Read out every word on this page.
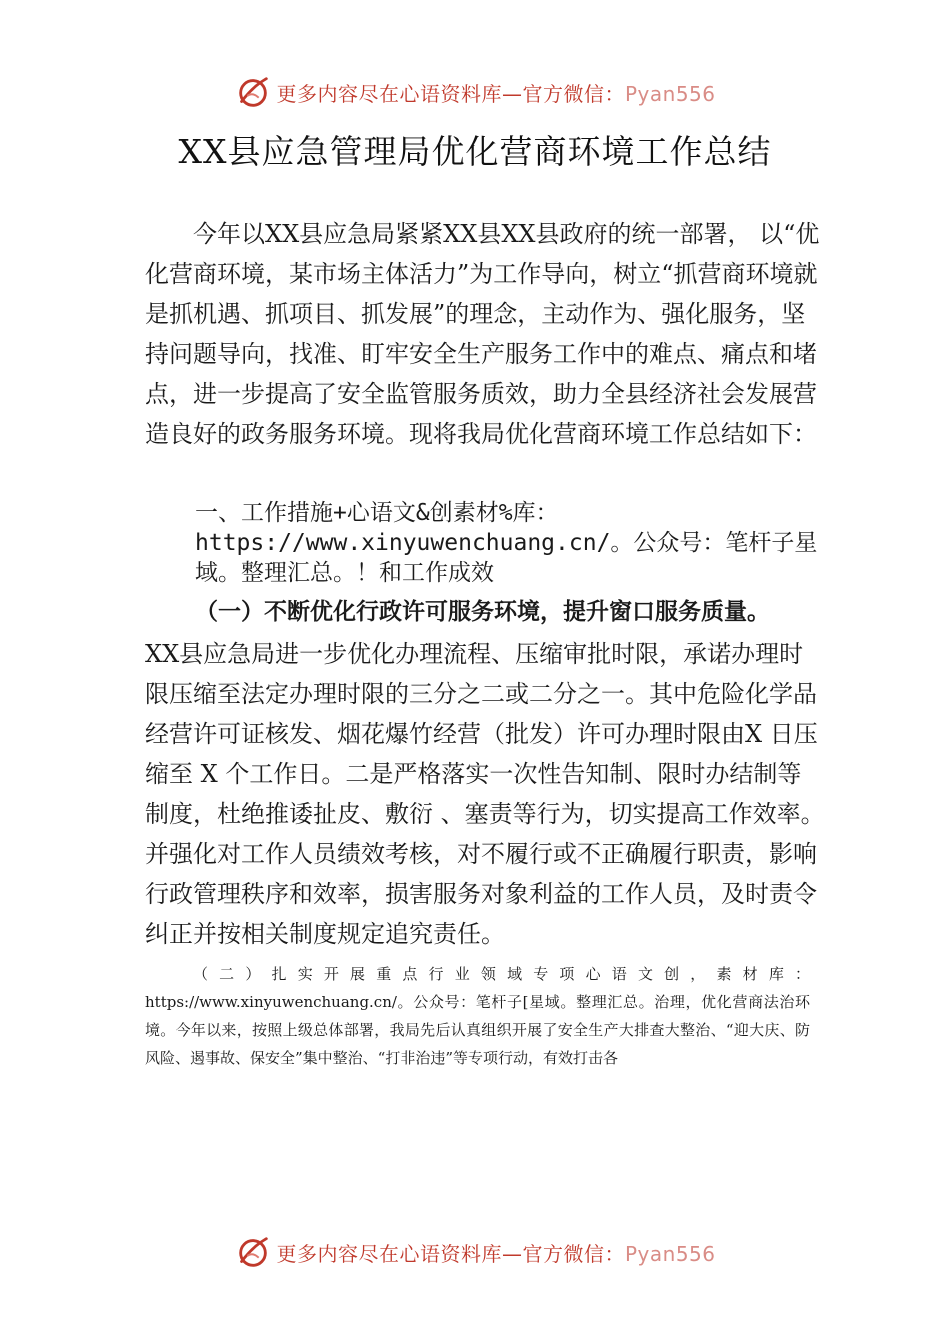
更多内容尽在心语资料库—官方微信：Pyan556
XX县应急管理局优化营商环境工作总结

今年以XX县应急局紧紧XX县XX县政府的统一部署， 以“优化营商环境，某市场主体活力”为工作导向，树立“抓营商环境就是抓机遇、抓项目、抓发展”的理念，主动作为、强化服务，坚持问题导向，找准、盯牢安全生产服务工作中的难点、痛点和堵点，进一步提高了安全监管服务质效，助力全县经济社会发展营造良好的政务服务环境。现将我局优化营商环境工作总结如下：

一、工作措施+心语文&创素材%库：https://www.xinyuwenchuang.cn/。公众号：笔杆子星域。整理汇总。！和工作成效

（一）不断优化行政许可服务环境，提升窗口服务质量。

XX县应急局进一步优化办理流程、压缩审批时限，承诺办理时限压缩至法定办理时限的三分之二或二分之一。其中危险化学品经营许可证核发、烟花爆竹经营（批发）许可办理时限由X 日压缩至 X 个工作日。二是严格落实一次性告知制、限时办结制等制度，杜绝推诿扯皮、敷衍 、塞责等行为，切实提高工作效率。并强化对工作人员绩效考核，对不履行或不正确履行职责，影响行政管理秩序和效率，损害服务对象利益的工作人员，及时责令纠正并按相关制度规定追究责任。

（二）扎实开展重点行业领域专项心语文创，素材库：https://www.xinyuwenchuang.cn/。公众号：笔杆子[星域。整理汇总。治理，优化营商法治环境。今年以来，按照上级总体部署，我局先后认真组织开展了安全生产大排查大整治、“迎大庆、防风险、遏事故、保安全”集中整治、“打非治违”等专项行动，有效打击各

更多内容尽在心语资料库—官方微信：Pyan556
